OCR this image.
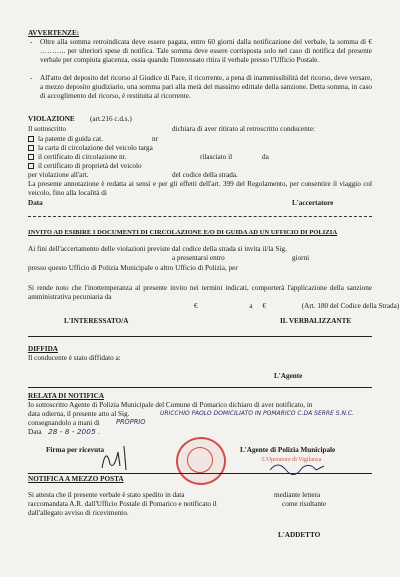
AVVERTENZE:
- Oltre alla somma retroindicata deve essere pagata, entro 60 giorni dalla notificazione del verbale, la somma di € ……….. per ulteriori spese di notifica. Tale somma deve essere corrisposta solo nel caso di notifica del presente verbale per compiuta giacenza, ossia quando l'interessato ritira il verbale presso l'Ufficio Postale.
- All'atto del deposito del ricorso al Giudice di Pace, il ricorrente, a pena di inammissibilità del ricorso, deve versare, a mezzo deposito giudiziario, una somma pari alla metà del massimo edittale della sanzione. Detta somma, in caso di accoglimento del ricorso, è restituita al ricorrente.
VIOLAZIONE (art.216 c.d.s.)
Il sottoscritto	dichiara di aver ritirato al retroscritto conducente:
la patente di guida cat.	nr
la carta di circolazione del veicolo targa
il certificato di circolazione nr.	rilasciato il	da
il certificato di proprietà del veicolo
per violazione all'art.	del codice della strada.
La presente annotazione è redatta ai sensi e per gli effetti dell'art. 399 del Regolamento, per consentire il viaggio col veicolo, fino alla località di
Data	L'accertatore
INVITO AD ESIBIRE I DOCUMENTI DI CIRCOLAZIONE E/O DI GUIDA AD UN UFFICIO DI POLIZIA
Ai fini dell'accertamento delle violazioni previste dal codice della strada si invita il/la Sig.
a presentarsi entro	giorni
presso questo Ufficio di Polizia Municipale o altro Ufficio di Polizia, per
Si rende noto che l'inottemperanza al presente invito nei termini indicati, comporterà l'applicazione della sanzione amministrativa pecuniaria da
€	a €	(Art. 180 del Codice della Strada)
L'INTERESSATO/A	IL VERBALIZZANTE
DIFFIDA
Il conducente è stato diffidato a:
L'Agente
RELATA DI NOTIFICA
Io sottoscritto Agente di Polizia Municipale del Comune di Pomarico dichiaro di aver notificato, in
data odierna, il presente atto al Sig.	URICCHIO PAOLO DOMICILIATO IN POMARICO C.DA SERRE S.N.C.
consegnandolo a mani di PROPRIO
Data 28 - 8 - 2005 .
Firma per ricevuta	L'Agente di Polizia Municipale
L'Operatore di Vigilanza
NOTIFICA A MEZZO POSTA
Si attesta che il presente verbale è stato spedito in data	mediante lettera
raccomandata A.R. dall'Ufficio Postale di Pomarico e notificato il	come risultante
dall'allegato avviso di ricevimento.
L'ADDETTO
